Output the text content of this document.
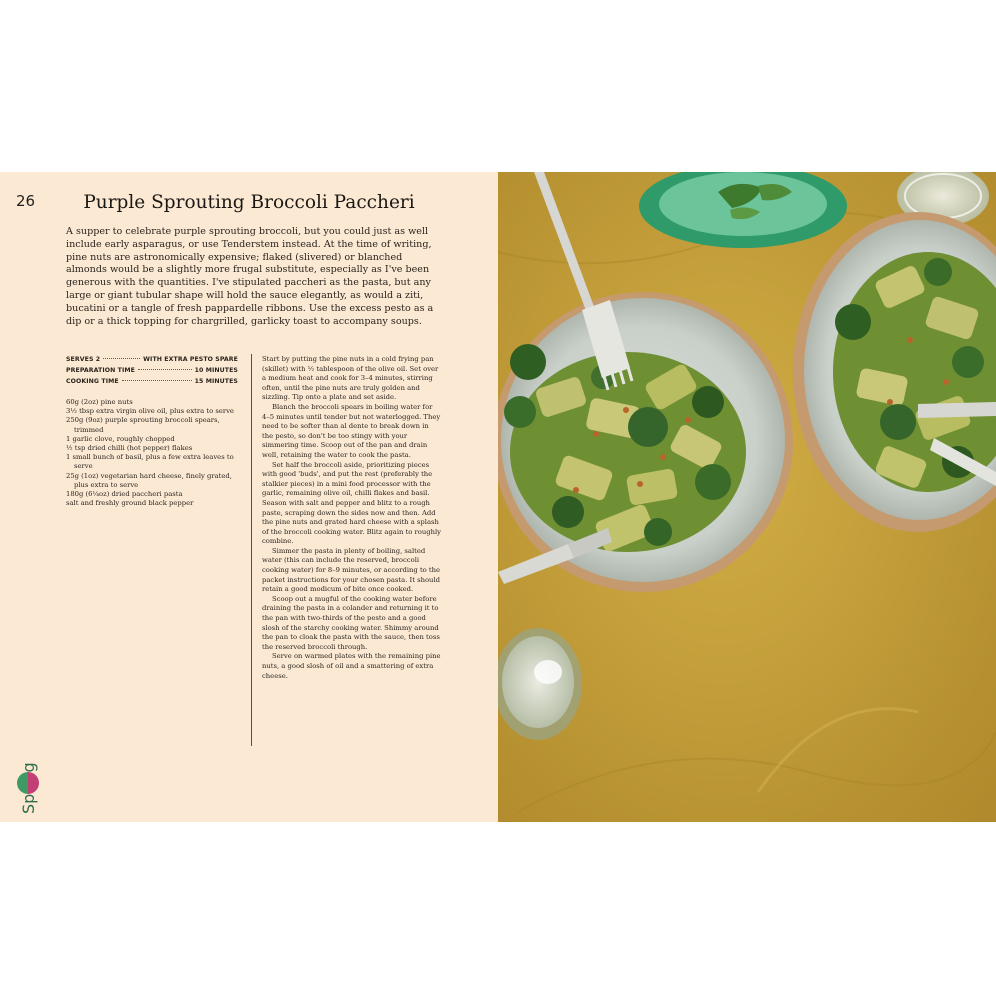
26	Purple Sprouting Broccoli Paccheri

A supper to celebrate purple sprouting broccoli, but you could just as well include early asparagus, or use Tenderstem instead. At the time of writing, pine nuts are astronomically expensive; flaked (slivered) or blanched almonds would be a slightly more frugal substitute, especially as I've been generous with the quantities. I've stipulated paccheri as the pasta, but any large or giant tubular shape will hold the sauce elegantly, as would a ziti, bucatini or a tangle of fresh pappardelle ribbons. Use the excess pesto as a dip or a thick topping for chargrilled, garlicky toast to accompany soups.

SERVES 2	WITH EXTRA PESTO SPARE
PREPARATION TIME	10 MINUTES
COOKING TIME	15 MINUTES
60g (2oz) pine nuts
3½ tbsp extra virgin olive oil, plus extra to serve
250g (9oz) purple sprouting broccoli spears, trimmed
1 garlic clove, roughly chopped
½ tsp dried chilli (hot pepper) flakes
1 small bunch of basil, plus a few extra leaves to serve
25g (1oz) vegetarian hard cheese, finely grated, plus extra to serve
180g (6¼oz) dried paccheri pasta
salt and freshly ground black pepper

Start by putting the pine nuts in a cold frying pan (skillet) with ½ tablespoon of the olive oil. Set over a medium heat and cook for 3–4 minutes, stirring often, until the pine nuts are truly golden and sizzling. Tip onto a plate and set aside.

Blanch the broccoli spears in boiling water for 4–5 minutes until tender but not waterlogged. They need to be softer than al dente to break down in the pesto, so don't be too stingy with your simmering time. Scoop out of the pan and drain well, retaining the water to cook the pasta.

Set half the broccoli aside, prioritizing pieces with good 'buds', and put the rest (preferably the stalkier pieces) in a mini food processor with the garlic, remaining olive oil, chilli flakes and basil. Season with salt and pepper and blitz to a rough paste, scraping down the sides now and then. Add the pine nuts and grated hard cheese with a splash of the broccoli cooking water. Blitz again to roughly combine.

Simmer the pasta in plenty of boiling, salted water (this can include the reserved, broccoli cooking water) for 8–9 minutes, or according to the packet instructions for your chosen pasta. It should retain a good modicum of bite once cooked.

Scoop out a mugful of the cooking water before draining the pasta in a colander and returning it to the pan with two-thirds of the pesto and a good slosh of the starchy cooking water. Shimmy around the pan to cloak the pasta with the sauce, then toss the reserved broccoli through.

Serve on warmed plates with the remaining pine nuts, a good slosh of oil and a smattering of extra cheese.
